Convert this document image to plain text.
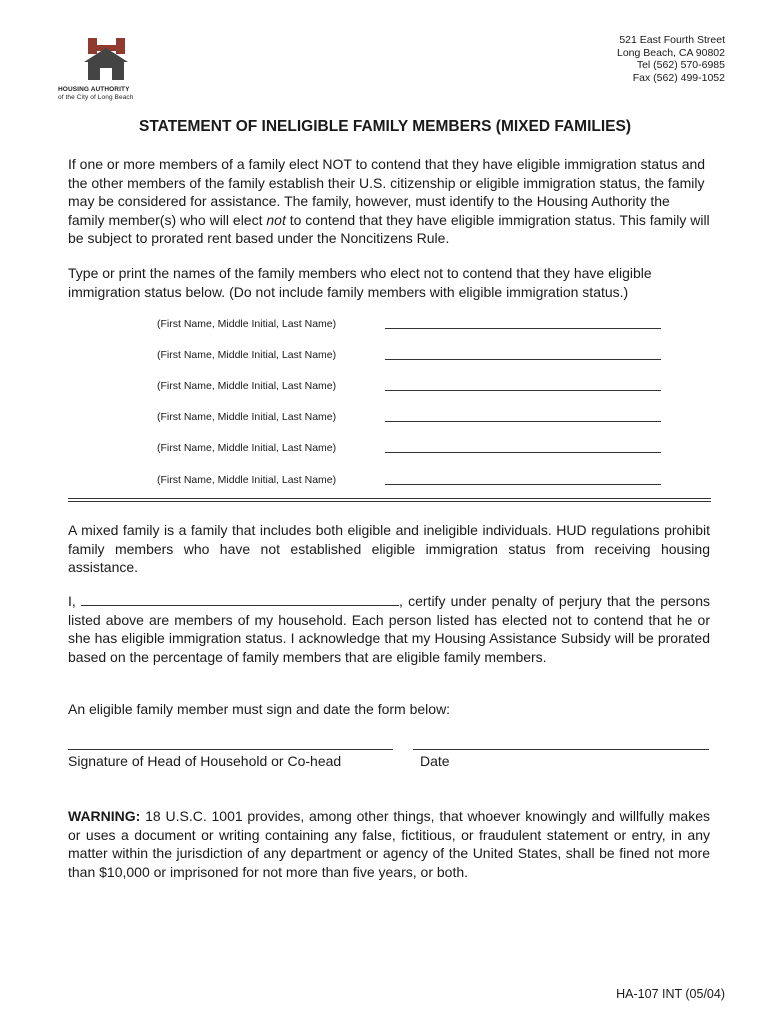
HOUSING AUTHORITY
of the City of Long Beach
521 East Fourth Street
Long Beach, CA 90802
Tel (562) 570-6985
Fax (562) 499-1052
STATEMENT OF INELIGIBLE FAMILY MEMBERS (MIXED FAMILIES)
If one or more members of a family elect NOT to contend that they have eligible immigration status and the other members of the family establish their U.S. citizenship or eligible immigration status, the family may be considered for assistance. The family, however, must identify to the Housing Authority the family member(s) who will elect not to contend that they have eligible immigration status. This family will be subject to prorated rent based under the Noncitizens Rule.
Type or print the names of the family members who elect not to contend that they have eligible immigration status below. (Do not include family members with eligible immigration status.)
(First Name, Middle Initial, Last Name)
(First Name, Middle Initial, Last Name)
(First Name, Middle Initial, Last Name)
(First Name, Middle Initial, Last Name)
(First Name, Middle Initial, Last Name)
(First Name, Middle Initial, Last Name)
A mixed family is a family that includes both eligible and ineligible individuals. HUD regulations prohibit family members who have not established eligible immigration status from receiving housing assistance.
I,	, certify under penalty of perjury that the persons listed above are members of my household. Each person listed has elected not to contend that he or she has eligible immigration status. I acknowledge that my Housing Assistance Subsidy will be prorated based on the percentage of family members that are eligible family members.
An eligible family member must sign and date the form below:
Signature of Head of Household or Co-head	Date
WARNING: 18 U.S.C. 1001 provides, among other things, that whoever knowingly and willfully makes or uses a document or writing containing any false, fictitious, or fraudulent statement or entry, in any matter within the jurisdiction of any department or agency of the United States, shall be fined not more than $10,000 or imprisoned for not more than five years, or both.
HA-107 INT (05/04)
